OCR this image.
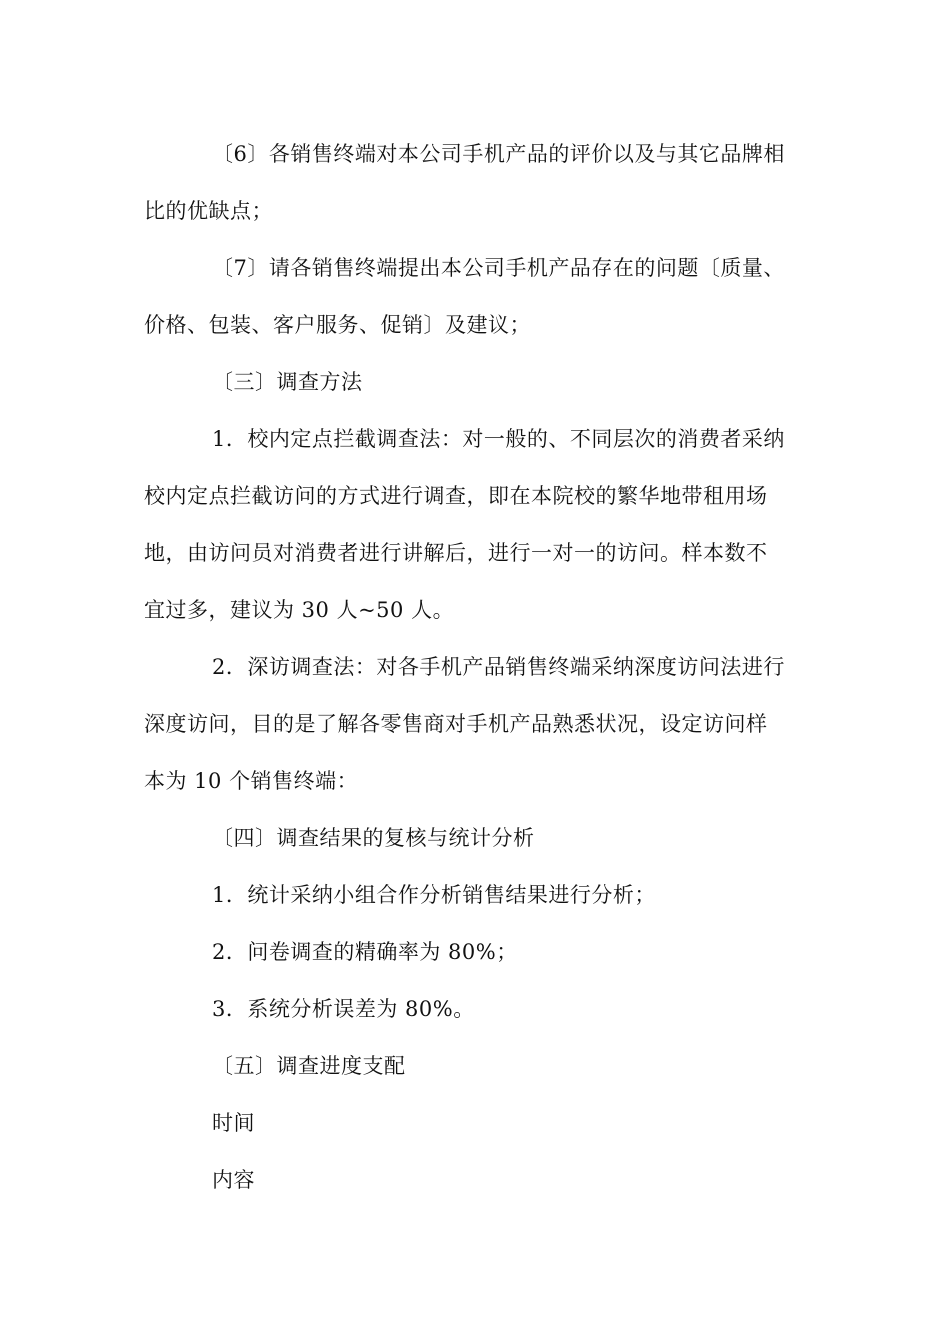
〔6〕各销售终端对本公司手机产品的评价以及与其它品牌相

比的优缺点；

〔7〕请各销售终端提出本公司手机产品存在的问题〔质量、

价格、包装、客户服务、促销〕及建议；

〔三〕调查方法

1．校内定点拦截调查法：对一般的、不同层次的消费者采纳

校内定点拦截访问的方式进行调查，即在本院校的繁华地带租用场

地，由访问员对消费者进行讲解后，进行一对一的访问。样本数不

宜过多，建议为 30 人~50 人。

2．深访调查法：对各手机产品销售终端采纳深度访问法进行

深度访问，目的是了解各零售商对手机产品熟悉状况，设定访问样

本为 10 个销售终端：

〔四〕调查结果的复核与统计分析

1．统计采纳小组合作分析销售结果进行分析；

2．问卷调查的精确率为 80%；

3．系统分析误差为 80%。

〔五〕调查进度支配

时间

内容
